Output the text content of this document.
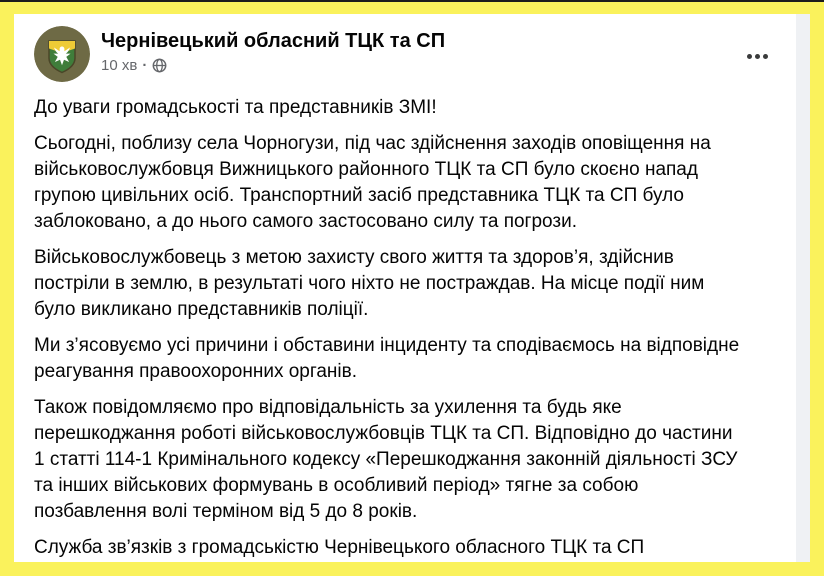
Чернівецький обласний ТЦК та СП
10 хв ·
До уваги громадськості та представників ЗМІ!
Сьогодні, поблизу села Чорногузи, під час здійснення заходів оповіщення на
військовослужбовця Вижницького районного ТЦК та СП було скоєно напад
групою цивільних осіб. Транспортний засіб представника ТЦК та СП було
заблоковано, а до нього самого застосовано силу та погрози.
Військовослужбовець з метою захисту свого життя та здоров’я, здійснив
постріли в землю, в результаті чого ніхто не постраждав. На місце події ним
було викликано представників поліції.
Ми з’ясовуємо усі причини і обставини інциденту та сподіваємось на відповідне
реагування правоохоронних органів.
Також повідомляємо про відповідальність за ухилення та будь яке
перешкоджання роботі військовослужбовців ТЦК та СП. Відповідно до частини
1 статті 114-1 Кримінального кодексу «Перешкоджання законній діяльності ЗСУ
та інших військових формувань в особливий період» тягне за собою
позбавлення волі терміном від 5 до 8 років.
Служба зв’язків з громадськістю Чернівецького обласного ТЦК та СП
